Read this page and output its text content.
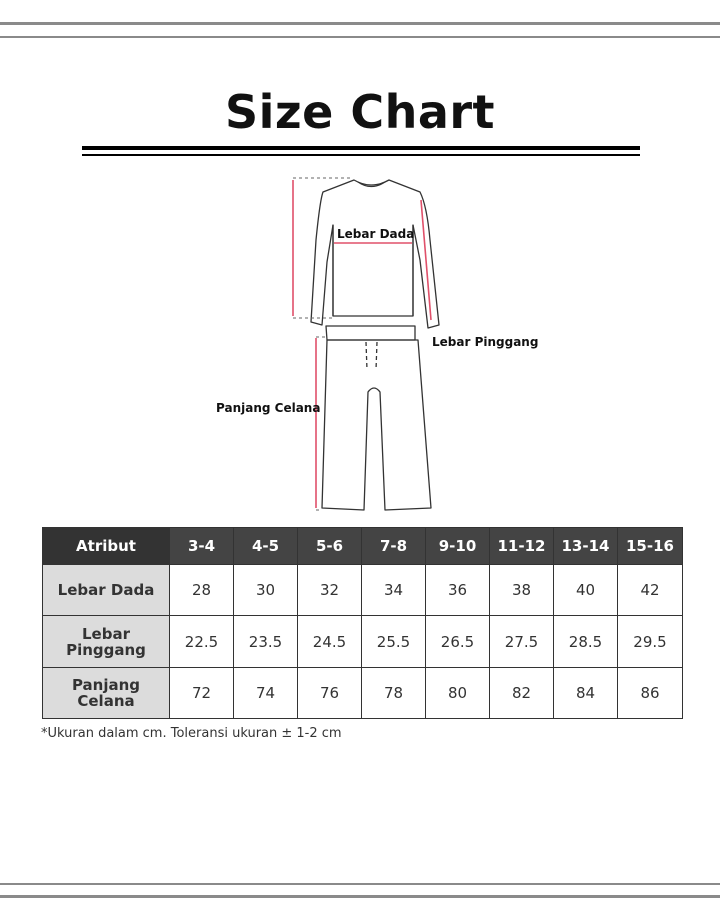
Size Chart
Lebar Dada
Lebar Pinggang
Panjang Celana
Atribut	3-4	4-5	5-6	7-8	9-10	11-12	13-14	15-16
Lebar Dada	28	30	32	34	36	38	40	42
Lebar
Pinggang	22.5	23.5	24.5	25.5	26.5	27.5	28.5	29.5
Panjang
Celana	72	74	76	78	80	82	84	86
*Ukuran dalam cm. Toleransi ukuran ± 1-2 cm
